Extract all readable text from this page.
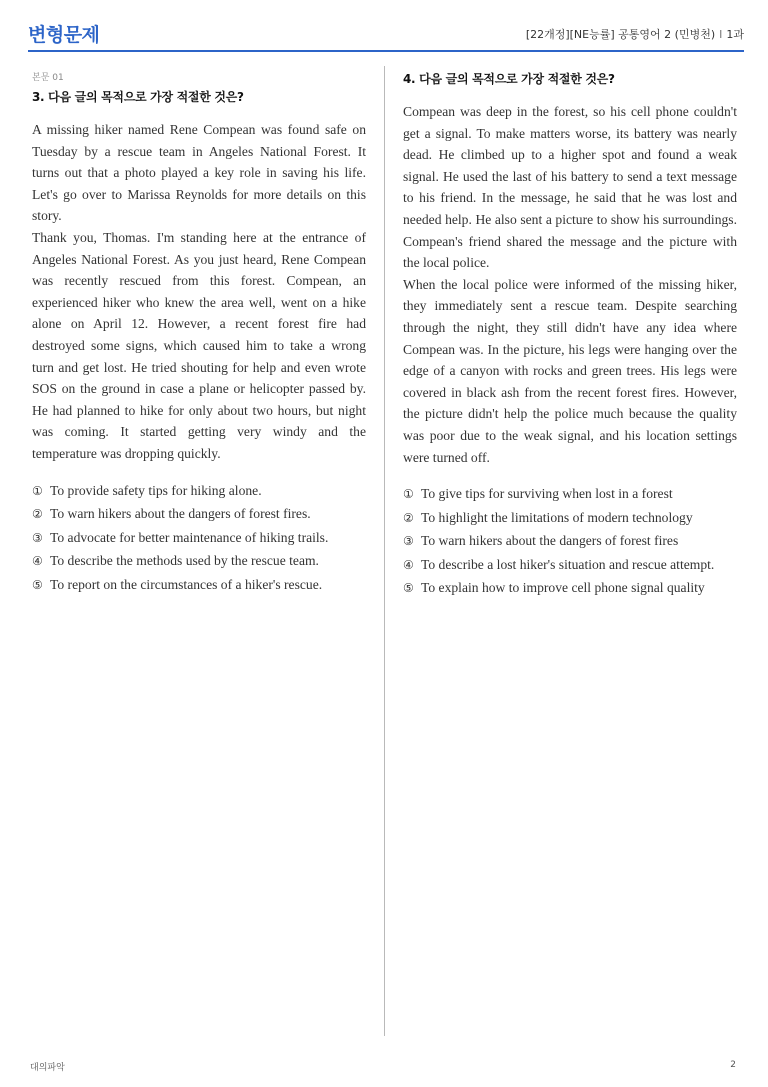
변형문제	[22개정][NE능률] 공통영어 2 (민병천) I 1과
본문 01
3. 다음 글의 목적으로 가장 적절한 것은?

A missing hiker named Rene Compean was found safe on Tuesday by a rescue team in Angeles National Forest. It turns out that a photo played a key role in saving his life. Let's go over to Marissa Reynolds for more details on this story.

Thank you, Thomas. I'm standing here at the entrance of Angeles National Forest. As you just heard, Rene Compean was recently rescued from this forest. Compean, an experienced hiker who knew the area well, went on a hike alone on April 12. However, a recent forest fire had destroyed some signs, which caused him to take a wrong turn and get lost. He tried shouting for help and even wrote SOS on the ground in case a plane or helicopter passed by. He had planned to hike for only about two hours, but night was coming. It started getting very windy and the temperature was dropping quickly.

① To provide safety tips for hiking alone.
② To warn hikers about the dangers of forest fires.
③ To advocate for better maintenance of hiking trails.
④ To describe the methods used by the rescue team.
⑤ To report on the circumstances of a hiker's rescue.
4. 다음 글의 목적으로 가장 적절한 것은?

Compean was deep in the forest, so his cell phone couldn't get a signal. To make matters worse, its battery was nearly dead. He climbed up to a higher spot and found a weak signal. He used the last of his battery to send a text message to his friend. In the message, he said that he was lost and needed help. He also sent a picture to show his surroundings. Compean's friend shared the message and the picture with the local police.

When the local police were informed of the missing hiker, they immediately sent a rescue team. Despite searching through the night, they still didn't have any idea where Compean was. In the picture, his legs were hanging over the edge of a canyon with rocks and green trees. His legs were covered in black ash from the recent forest fires. However, the picture didn't help the police much because the quality was poor due to the weak signal, and his location settings were turned off.

① To give tips for surviving when lost in a forest
② To highlight the limitations of modern technology
③ To warn hikers about the dangers of forest fires
④ To describe a lost hiker's situation and rescue attempt.
⑤ To explain how to improve cell phone signal quality
대의파악	2
